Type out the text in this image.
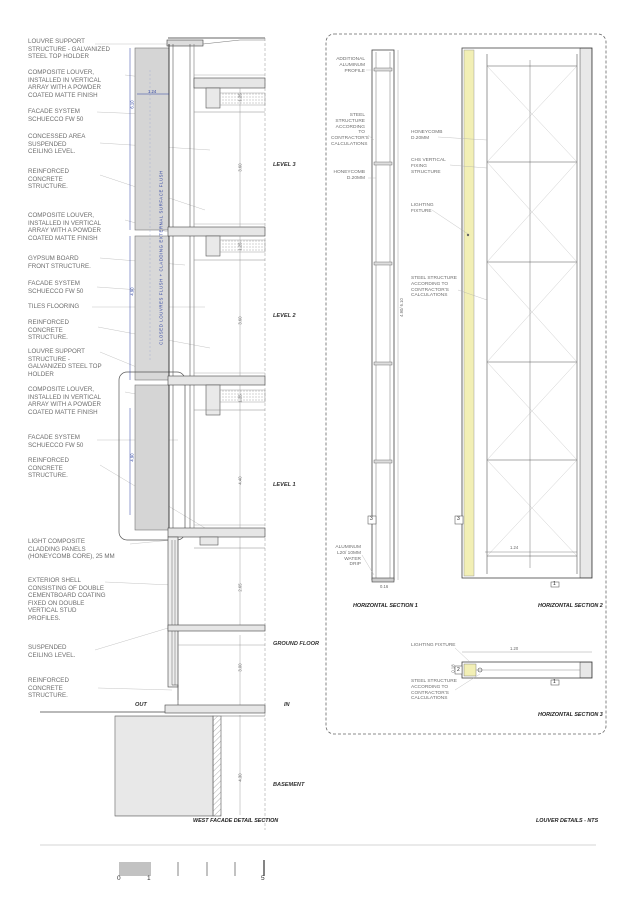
LOUVRE SUPPORT
STRUCTURE - GALVANIZED
STEEL TOP HOLDER
COMPOSITE LOUVER,
INSTALLED IN VERTICAL
ARRAY WITH A POWDER
COATED MATTE FINISH
FACADE SYSTEM
SCHUECCO FW 50
CONCESSED AREA
SUSPENDED
CEILING LEVEL.
REINFORCED
CONCRETE
STRUCTURE.
COMPOSITE LOUVER,
INSTALLED IN VERTICAL
ARRAY WITH A POWDER
COATED MATTE FINISH
GYPSUM BOARD
FRONT STRUCTURE.
FACADE SYSTEM
SCHUECCO FW 50
TILES FLOORING
REINFORCED
CONCRETE
STRUCTURE.
LOUVRE SUPPORT
STRUCTURE -
GALVANIZED STEEL TOP
HOLDER
COMPOSITE LOUVER,
INSTALLED IN VERTICAL
ARRAY WITH A POWDER
COATED MATTE FINISH
FACADE SYSTEM
SCHUECCO FW 50
REINFORCED
CONCRETE
STRUCTURE.
LIGHT COMPOSITE
CLADDING PANELS
(HONEYCOMB CORE), 25 MM
EXTERIOR SHELL
CONSISTING OF DOUBLE
CEMENTBOARD COATING
FIXED ON DOUBLE
VERTICAL STUD
PROFILES.
SUSPENDED
CEILING LEVEL.
REINFORCED
CONCRETE
STRUCTURE.
LEVEL 3
LEVEL 2
LEVEL 1
GROUND FLOOR
BASEMENT
OUT	IN
6.10
1.24
4.90
4.90
1.25
3.60
1.25
3.60
1.25
4.40
2.65
3.00
4.30
CLOSED LOUVRES FLUSH + CLADDING EXTERNAL SURFACE FLUSH
WEST FACADE DETAIL SECTION	LOUVER DETAILS - NTS
HORIZONTAL SECTION 1	HORIZONTAL SECTION 2
HORIZONTAL SECTION 3
ADDITIONAL
ALUMINUM
PROFILE
STEEL
STRUCTURE
ACCORDING TO
CONTRACTOR'S
CALCULATIONS
HONEYCOMB
D.20MM
ALUMINUM
L20/ 10MM
WATER
DRIP
HONEYCOMB
D.20MM
CHS VERTICAL
FIXING
STRUCTURE
LIGHTING
FIXTURE
STEEL STRUCTURE
ACCORDING TO
CONTRACTOR'S
CALCULATIONS
LIGHTING FIXTURE
STEEL STRUCTURE
ACCORDING TO
CONTRACTOR'S
CALCULATIONS
4.90/ 6.10
0.16
1.24
1.20
0.18
3	3
1
2
1
0	1	5
